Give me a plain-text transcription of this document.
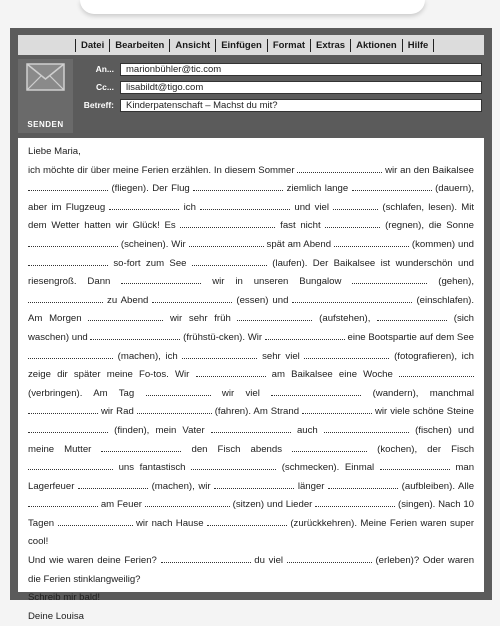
Datei	Bearbeiten	Ansicht	Einfügen	Format	Extras	Aktionen	Hilfe
SENDEN
An...	marionbühler@tic.com
Cc...	lisabildt@tigo.com
Betreff:	Kinderpatenschaft – Machst du mit?

Liebe Maria,

ich möchte dir über meine Ferien erzählen. In diesem Sommer	wir an den Baikalsee  (fliegen). Der Flug	ziemlich lange	(dauern), aber im Flugzeug	ich	und viel	(schlafen, lesen). Mit dem Wetter hatten wir Glück! Es	fast nicht	(regnen), die Sonne  (scheinen). Wir	spät am Abend	(kommen) und  so-fort zum See	(laufen). Der Baikalsee ist wunderschön und riesengroß. Dann	wir in unseren Bungalow	(gehen),  zu Abend	(essen) und	(einschlafen). Am Morgen	wir sehr früh	(aufstehen),	(sich waschen) und	(frühstü-cken). Wir	eine Bootspartie auf dem See  (machen), ich	sehr viel	(fotografieren), ich zeige dir später meine Fo-tos. Wir	am Baikalsee eine Woche  (verbringen). Am Tag	wir viel	(wandern), manchmal  wir Rad	(fahren). Am Strand	wir viele schöne Steine  (finden), mein Vater	auch	(fischen) und meine Mutter	den Fisch abends	(kochen), der Fisch  uns fantastisch	(schmecken). Einmal	man Lagerfeuer	(machen), wir	länger	(aufbleiben). Alle  am Feuer	(sitzen) und Lieder	(singen). Nach 10 Tagen	wir nach Hause	(zurückkehren). Meine Ferien waren super cool!

Und wie waren deine Ferien?	du viel	(erleben)? Oder waren die Ferien stinklangweilig?

Schreib mir bald!

Deine Louisa
